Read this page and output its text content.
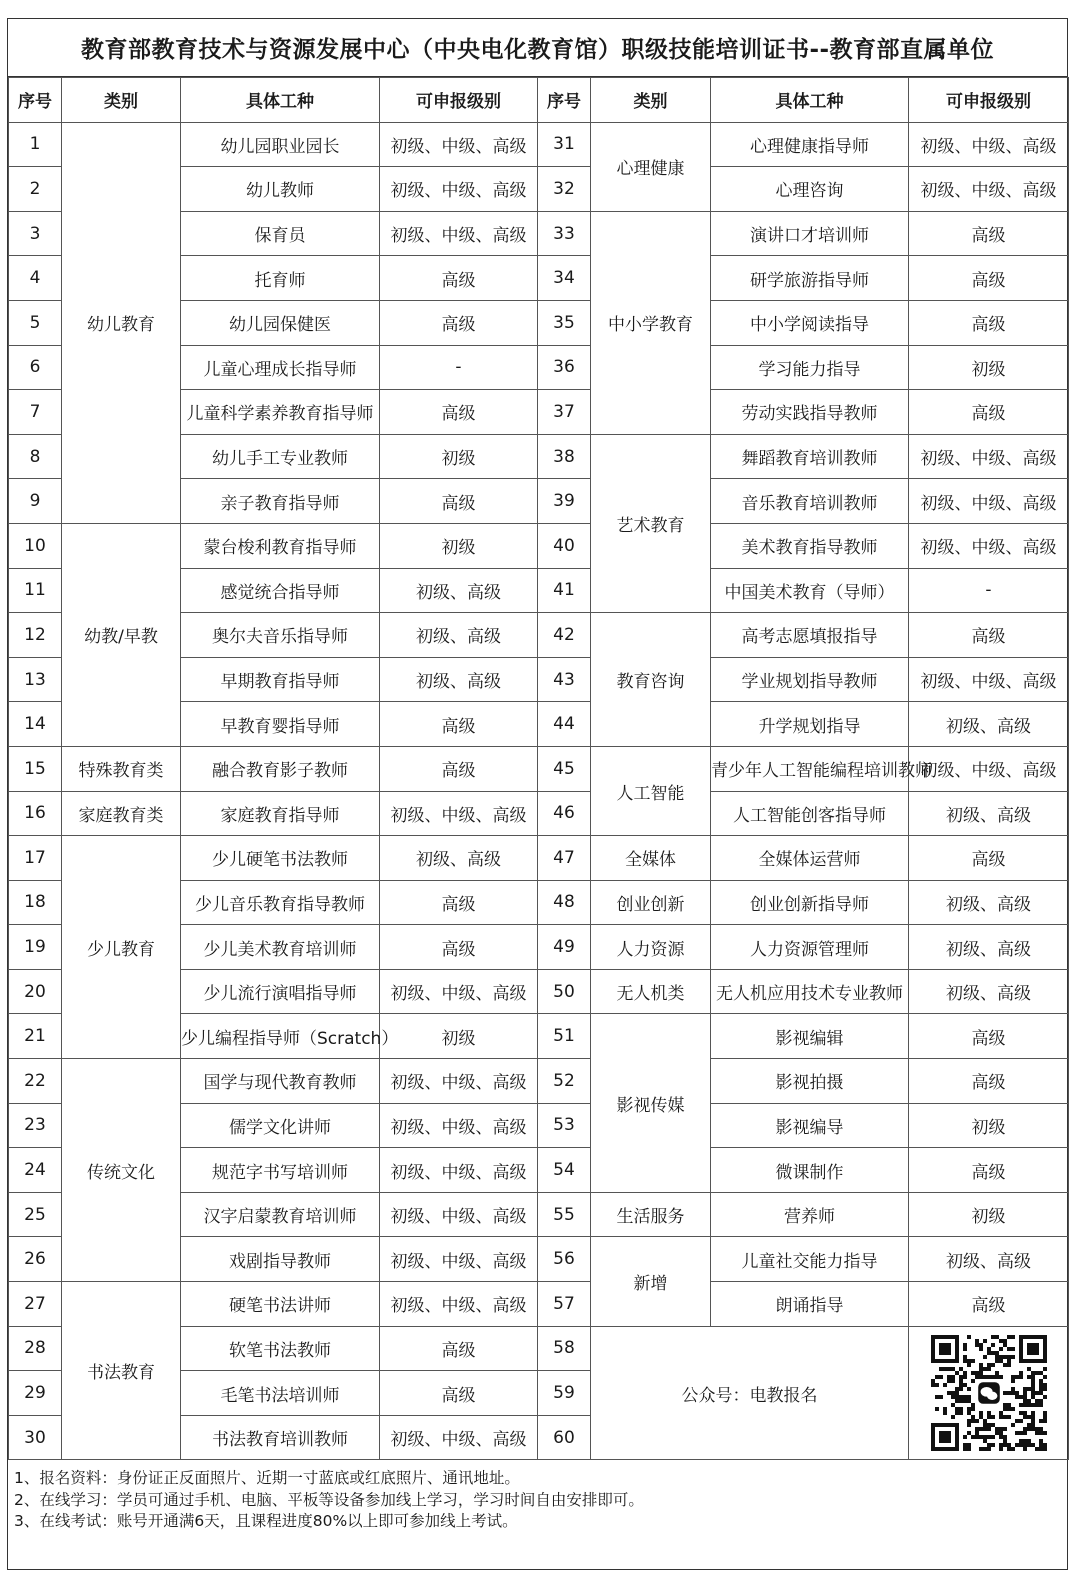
教育部教育技术与资源发展中心（中央电化教育馆）职级技能培训证书--教育部直属单位
序号	类别	具体工种	可申报级别	序号	类别	具体工种	可申报级别
1	幼儿教育	幼儿园职业园长	初级、中级、高级	31	心理健康	心理健康指导师	初级、中级、高级
2		幼儿教师	初级、中级、高级	32		心理咨询	初级、中级、高级
3		保育员	初级、中级、高级	33	中小学教育	演讲口才培训师	高级
4		托育师	高级	34		研学旅游指导师	高级
5		幼儿园保健医	高级	35		中小学阅读指导	高级
6		儿童心理成长指导师	-	36		学习能力指导	初级
7		儿童科学素养教育指导师	高级	37		劳动实践指导教师	高级
8		幼儿手工专业教师	初级	38	艺术教育	舞蹈教育培训教师	初级、中级、高级
9		亲子教育指导师	高级	39		音乐教育培训教师	初级、中级、高级
10	幼教/早教	蒙台梭利教育指导师	初级	40		美术教育指导教师	初级、中级、高级
11		感觉统合指导师	初级、高级	41		中国美术教育（导师）	-
12		奥尔夫音乐指导师	初级、高级	42	教育咨询	高考志愿填报指导	高级
13		早期教育指导师	初级、高级	43		学业规划指导教师	初级、中级、高级
14		早教育婴指导师	高级	44		升学规划指导	初级、高级
15	特殊教育类	融合教育影子教师	高级	45	人工智能	青少年人工智能编程培训教师	初级、中级、高级
16	家庭教育类	家庭教育指导师	初级、中级、高级	46		人工智能创客指导师	初级、高级
17	少儿教育	少儿硬笔书法教师	初级、高级	47	全媒体	全媒体运营师	高级
18		少儿音乐教育指导教师	高级	48	创业创新	创业创新指导师	初级、高级
19		少儿美术教育培训师	高级	49	人力资源	人力资源管理师	初级、高级
20		少儿流行演唱指导师	初级、中级、高级	50	无人机类	无人机应用技术专业教师	初级、高级
21		少儿编程指导师（Scratch）	初级	51	影视传媒	影视编辑	高级
22	传统文化	国学与现代教育教师	初级、中级、高级	52		影视拍摄	高级
23		儒学文化讲师	初级、中级、高级	53		影视编导	初级
24		规范字书写培训师	初级、中级、高级	54		微课制作	高级
25		汉字启蒙教育培训师	初级、中级、高级	55	生活服务	营养师	初级
26		戏剧指导教师	初级、中级、高级	56	新增	儿童社交能力指导	初级、高级
27	书法教育	硬笔书法讲师	初级、中级、高级	57		朗诵指导	高级
28		软笔书法教师	高级	58	公众号：电教报名	

29		毛笔书法培训师	高级	59			
30		书法教育培训教师	初级、中级、高级	60			
1、报名资料：身份证正反面照片、近期一寸蓝底或红底照片、通讯地址。
2、在线学习：学员可通过手机、电脑、平板等设备参加线上学习，学习时间自由安排即可。
3、在线考试：账号开通满6天，且课程进度80%以上即可参加线上考试。
